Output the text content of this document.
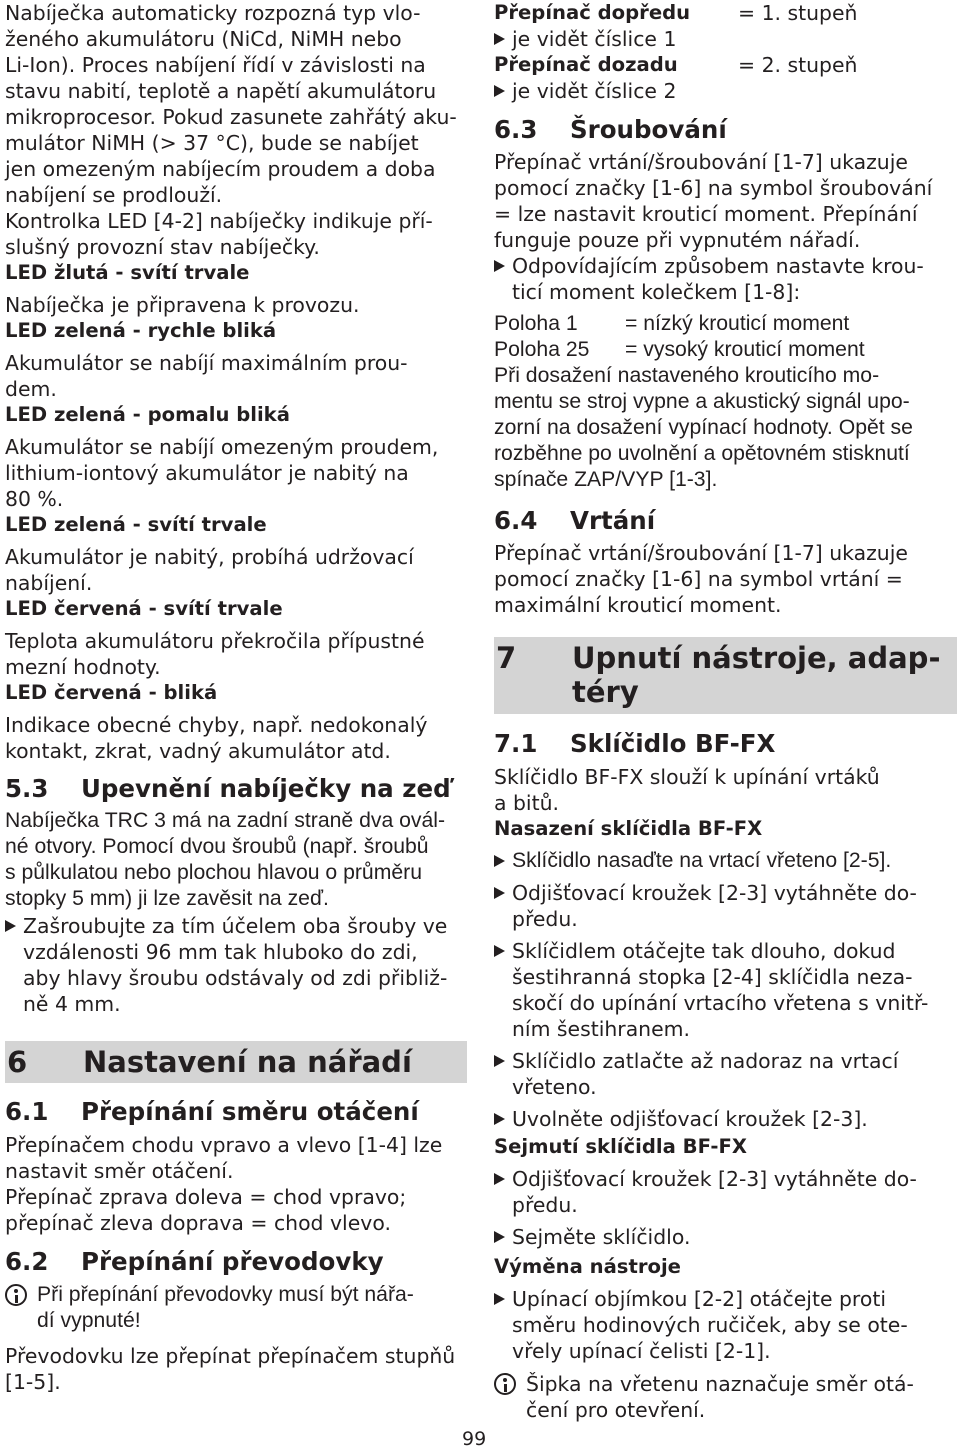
Nabíječka automaticky rozpozná typ vlo-

ženého akumulátoru (NiCd, NiMH nebo

Li-Ion). Proces nabíjení řídí v závislosti na

stavu nabití, teplotě a napětí akumulátoru

mikroprocesor. Pokud zasunete zahřátý aku-

mulátor NiMH (> 37 °C), bude se nabíjet

jen omezeným nabíjecím proudem a doba

nabíjení se prodlouží.

Kontrolka LED [4-2] nabíječky indikuje pří-

slušný provozní stav nabíječky.

LED žlutá - svítí trvale

Nabíječka je připravena k provozu.

LED zelená - rychle bliká

Akumulátor se nabíjí maximálním prou-

dem.

LED zelená - pomalu bliká

Akumulátor se nabíjí omezeným proudem,

lithium-iontový akumulátor je nabitý na

80 %.

LED zelená - svítí trvale

Akumulátor je nabitý, probíhá udržovací

nabíjení.

LED červená - svítí trvale

Teplota akumulátoru překročila přípustné

mezní hodnoty.

LED červená - bliká

Indikace obecné chyby, např. nedokonalý

kontakt, zkrat, vadný akumulátor atd.

5.3	Upevnění nabíječky na zeď

Nabíječka TRC 3 má na zadní straně dva ovál-

né otvory. Pomocí dvou šroubů (např. šroubů

s půlkulatou nebo plochou hlavou o průměru

stopky 5 mm) ji lze zavěsit na zeď.

Zašroubujte za tím účelem oba šrouby ve

vzdálenosti 96 mm tak hluboko do zdi,

aby hlavy šroubu odstávaly od zdi přibliž-

ně 4 mm.

6	Nastavení na nářadí
6.1	Přepínání směru otáčení

Přepínačem chodu vpravo a vlevo [1-4] lze

nastavit směr otáčení.

Přepínač zprava doleva = chod vpravo;

přepínač zleva doprava = chod vlevo.

6.2	Přepínání převodovky

Při přepínání převodovky musí být nářa-

dí vypnuté!

Převodovku lze přepínat přepínačem stupňů

[1-5].

Přepínač dopředu	= 1. stupeň

je vidět číslice 1

Přepínač dozadu	= 2. stupeň

je vidět číslice 2

6.3	Šroubování

Přepínač vrtání/šroubování [1-7] ukazuje

pomocí značky [1-6] na symbol šroubování

= lze nastavit krouticí moment. Přepínání

funguje pouze při vypnutém nářadí.

Odpovídajícím způsobem nastavte krou-

ticí moment kolečkem [1-8]:

Poloha 1	= nízký krouticí moment
Poloha 25	= vysoký krouticí moment

Při dosažení nastaveného krouticího mo-

mentu se stroj vypne a akustický signál upo-

zorní na dosažení vypínací hodnoty. Opět se

rozběhne po uvolnění a opětovném stisknutí

spínače ZAP/VYP [1-3].

6.4	Vrtání

Přepínač vrtání/šroubování [1-7] ukazuje

pomocí značky [1-6] na symbol vrtání =

maximální krouticí moment.

7	Upnutí nástroje, adap-
téry
7.1	Sklíčidlo BF-FX

Sklíčidlo BF-FX slouží k upínání vrtáků

a bitů.

Nasazení sklíčidla BF-FX

Sklíčidlo nasaďte na vrtací vřeteno [2-5].

Odjišťovací kroužek [2-3] vytáhněte do-

předu.

Sklíčidlem otáčejte tak dlouho, dokud

šestihranná stopka [2-4] sklíčidla neza-

skočí do upínání vrtacího vřetena s vnitř-

ním šestihranem.

Sklíčidlo zatlačte až nadoraz na vrtací

vřeteno.

Uvolněte odjišťovací kroužek [2-3].

Sejmutí sklíčidla BF-FX

Odjišťovací kroužek [2-3] vytáhněte do-

předu.

Sejměte sklíčidlo.

Výměna nástroje

Upínací objímkou [2-2] otáčejte proti

směru hodinových ručiček, aby se ote-

vřely upínací čelisti [2-1].

Šipka na vřetenu naznačuje směr otá-

čení pro otevření.

99
